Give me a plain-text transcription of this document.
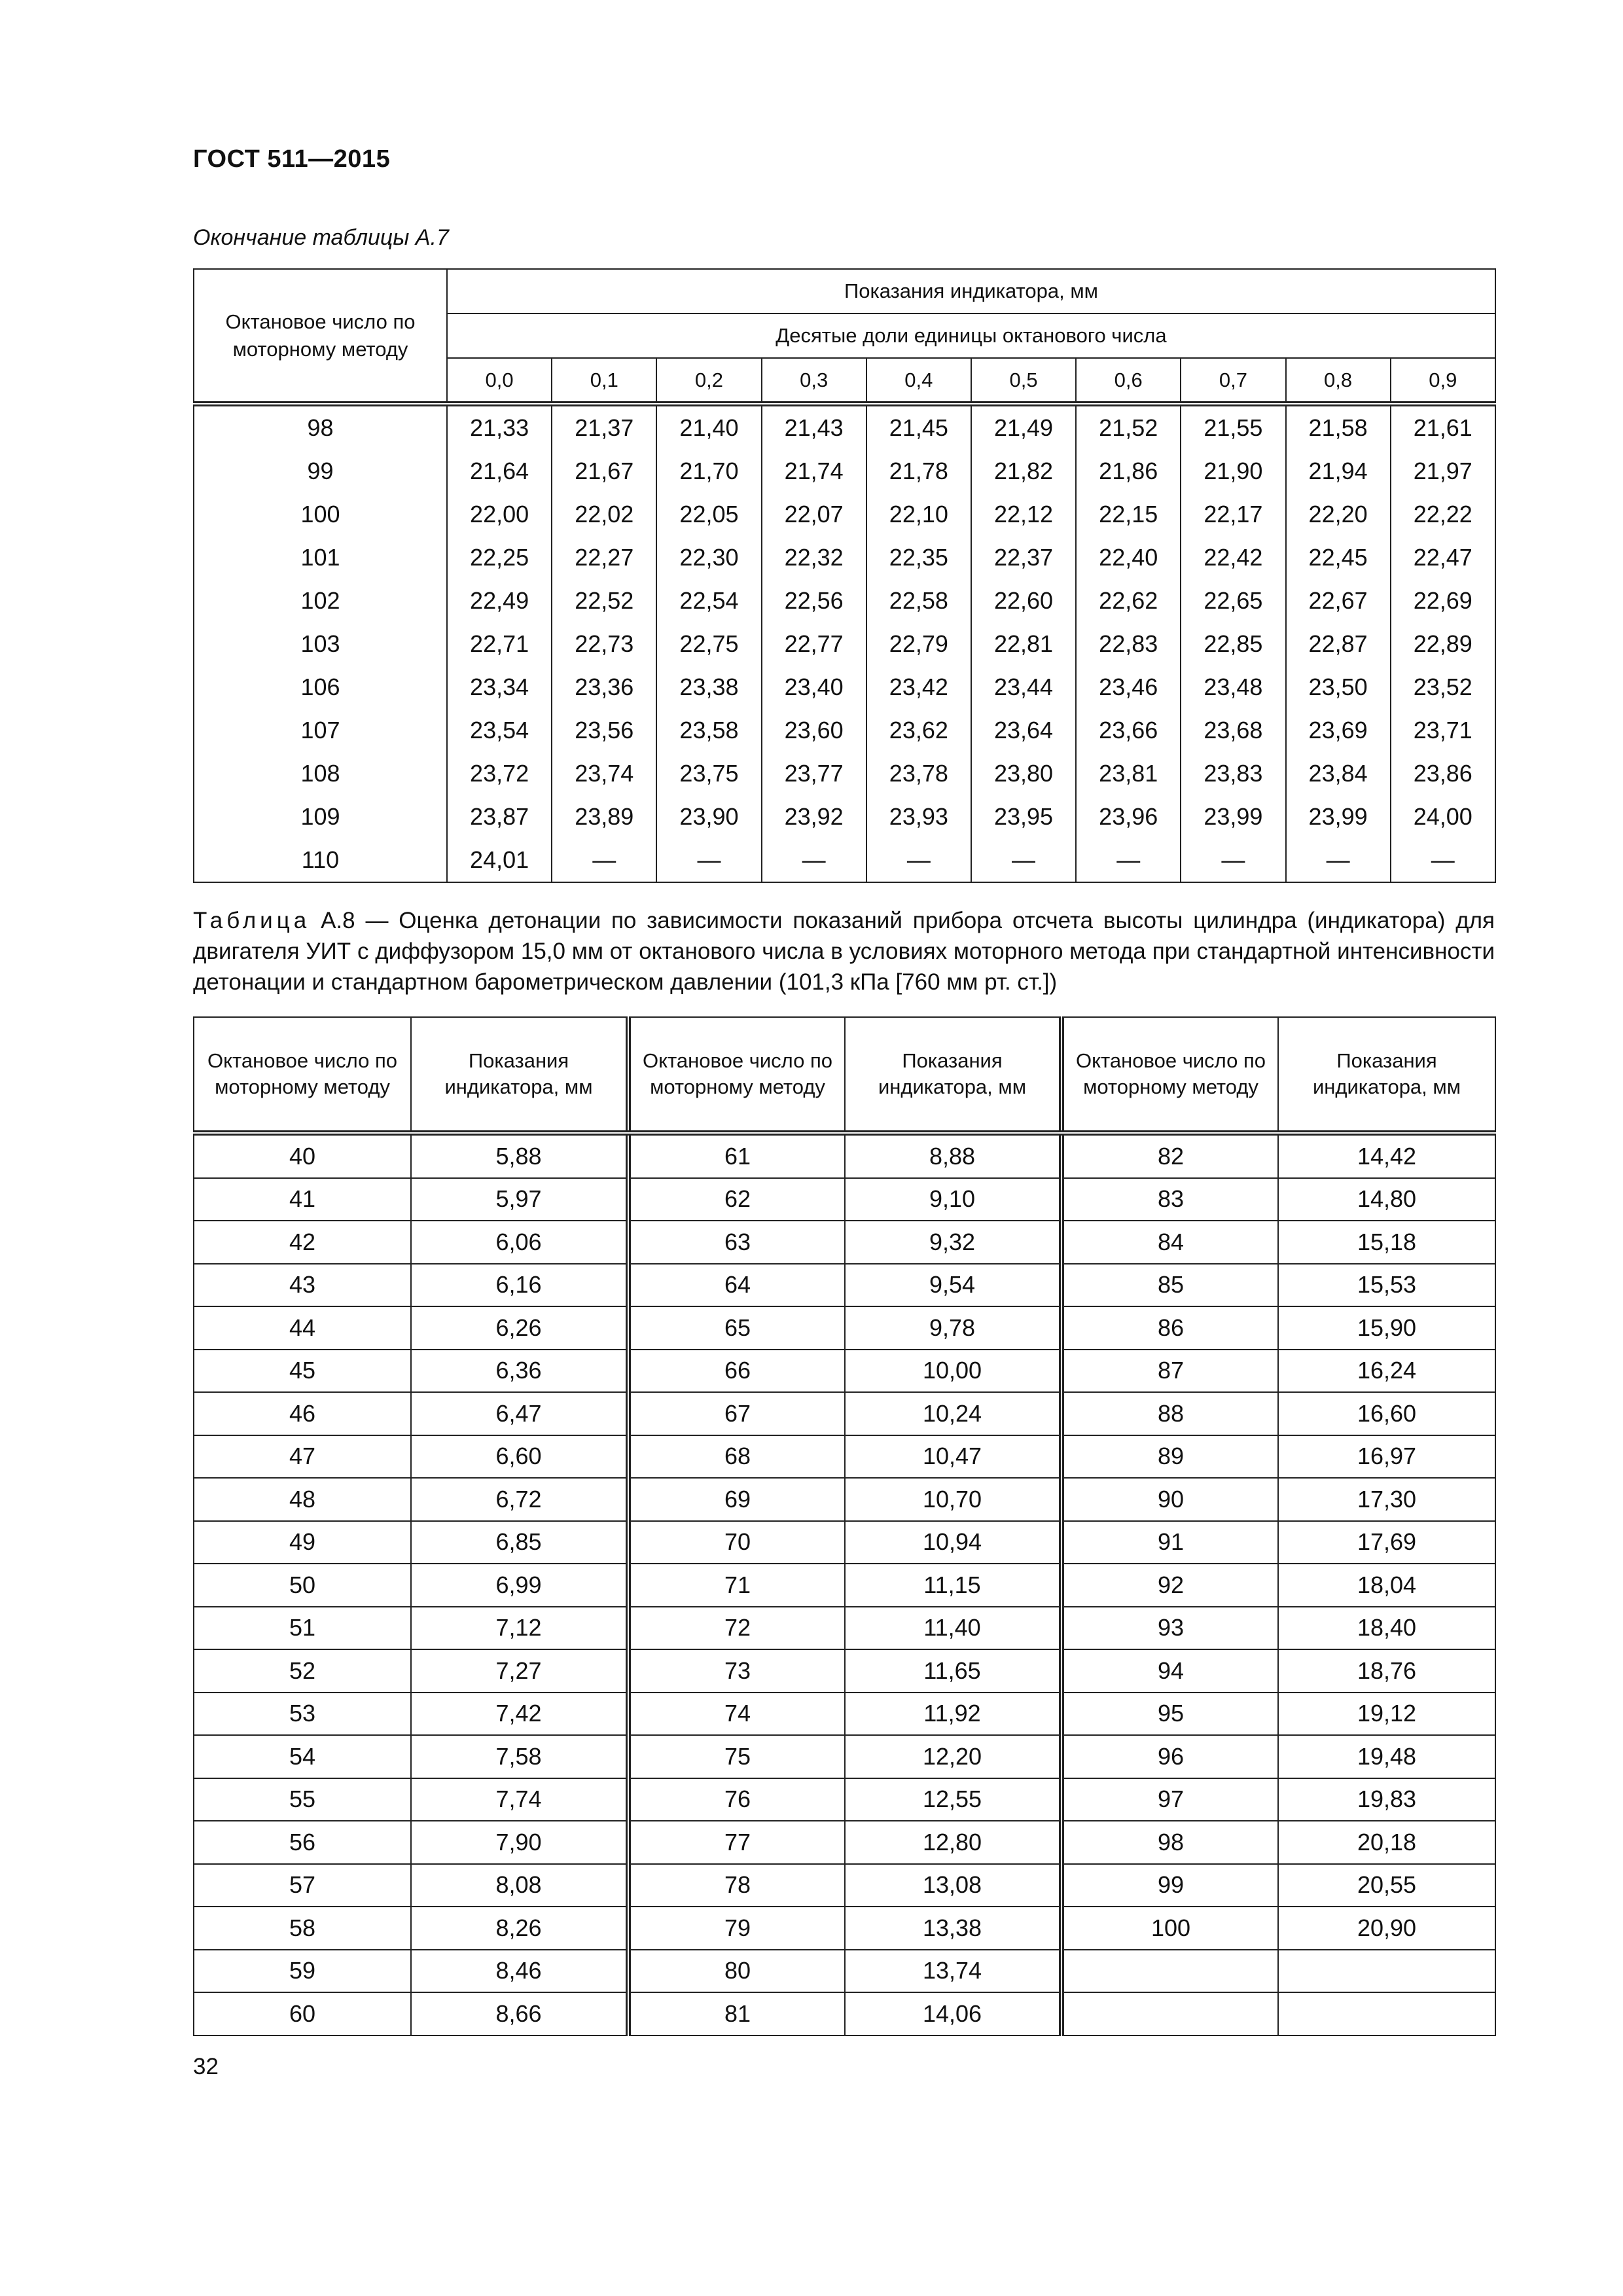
ГОСТ 511—2015
Окончание таблицы А.7
Октановое число по моторному методу	Показания индикатора, мм									
	Десятые доли единицы октанового числа									
	0,0	0,1	0,2	0,3	0,4	0,5	0,6	0,7	0,8	0,9
98	21,33	21,37	21,40	21,43	21,45	21,49	21,52	21,55	21,58	21,61
99	21,64	21,67	21,70	21,74	21,78	21,82	21,86	21,90	21,94	21,97
100	22,00	22,02	22,05	22,07	22,10	22,12	22,15	22,17	22,20	22,22
101	22,25	22,27	22,30	22,32	22,35	22,37	22,40	22,42	22,45	22,47
102	22,49	22,52	22,54	22,56	22,58	22,60	22,62	22,65	22,67	22,69
103	22,71	22,73	22,75	22,77	22,79	22,81	22,83	22,85	22,87	22,89
106	23,34	23,36	23,38	23,40	23,42	23,44	23,46	23,48	23,50	23,52
107	23,54	23,56	23,58	23,60	23,62	23,64	23,66	23,68	23,69	23,71
108	23,72	23,74	23,75	23,77	23,78	23,80	23,81	23,83	23,84	23,86
109	23,87	23,89	23,90	23,92	23,93	23,95	23,96	23,99	23,99	24,00
110	24,01	—	—	—	—	—	—	—	—	—
Таблица А.8 — Оценка детонации по зависимости показаний прибора отсчета высоты цилиндра (индикатора) для двигателя УИТ с диффузором 15,0 мм от октанового числа в условиях моторного метода при стандартной интенсивности детонации и стандартном барометрическом давлении (101,3 кПа [760 мм рт. ст.])
Октановое число по моторному методу	Показания индикатора, мм	Октановое число по моторному методу	Показания индикатора, мм	Октановое число по моторному методу	Показания индикатора, мм
40	5,88	61	8,88	82	14,42
41	5,97	62	9,10	83	14,80
42	6,06	63	9,32	84	15,18
43	6,16	64	9,54	85	15,53
44	6,26	65	9,78	86	15,90
45	6,36	66	10,00	87	16,24
46	6,47	67	10,24	88	16,60
47	6,60	68	10,47	89	16,97
48	6,72	69	10,70	90	17,30
49	6,85	70	10,94	91	17,69
50	6,99	71	11,15	92	18,04
51	7,12	72	11,40	93	18,40
52	7,27	73	11,65	94	18,76
53	7,42	74	11,92	95	19,12
54	7,58	75	12,20	96	19,48
55	7,74	76	12,55	97	19,83
56	7,90	77	12,80	98	20,18
57	8,08	78	13,08	99	20,55
58	8,26	79	13,38	100	20,90
59	8,46	80	13,74		
60	8,66	81	14,06		
32
